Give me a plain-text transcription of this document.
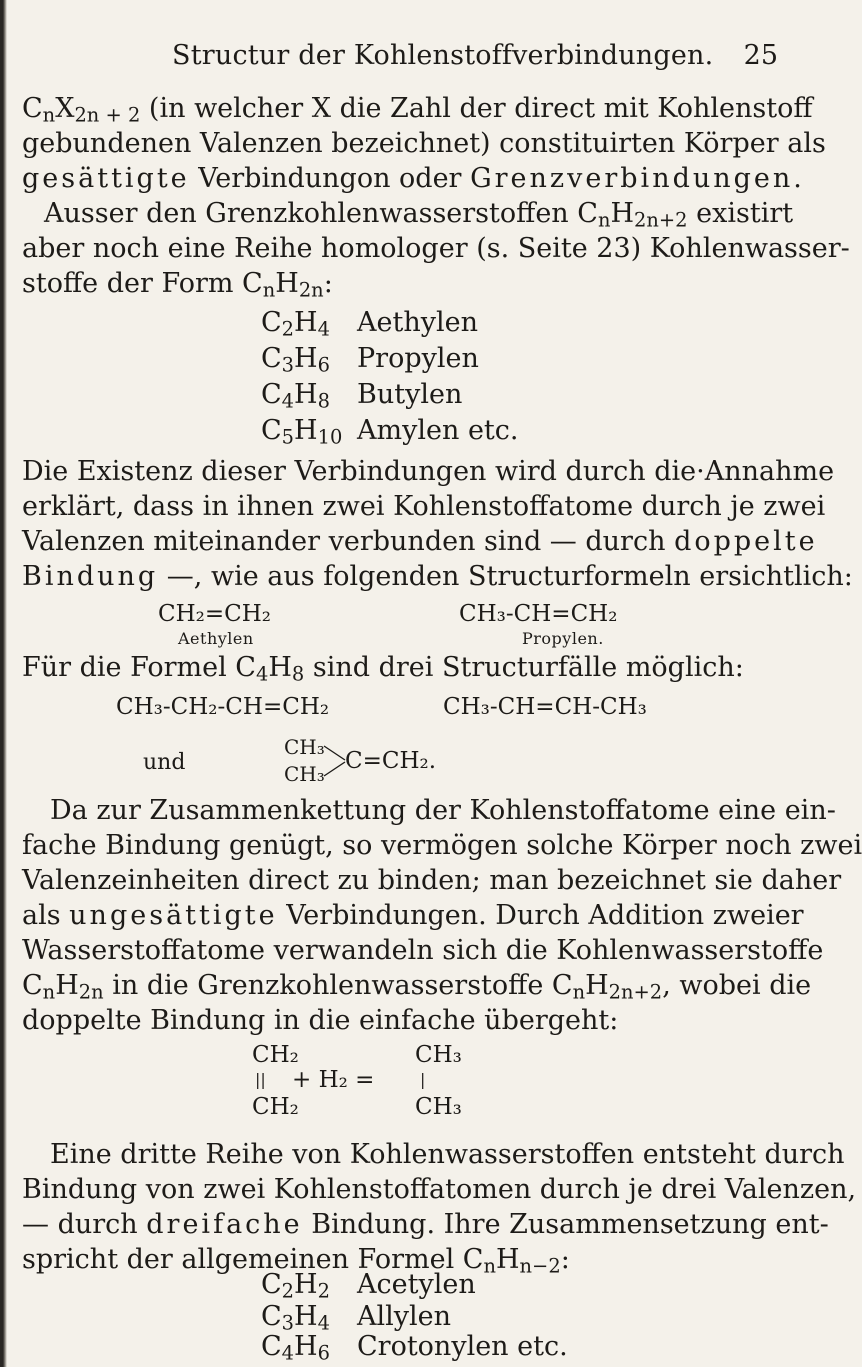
Structur der Kohlenstoffverbindungen. 25
$C_nX_{2n + 2}$ (in welcher X die Zahl der direct mit Kohlenstoff
gebundenen Valenzen bezeichnet) constituirten Körper als
gesättigte Verbindungon oder Grenzverbindungen.
Ausser den Grenzkohlenwasserstoffen $C_nH_{2n+2}$ existirt
aber noch eine Reihe homologer (s. Seite 23) Kohlenwasser-
stoffe der Form $C_nH_{2n}$:
$C_2H_4$ Aethylen
$C_3H_6$ Propylen
$C_4H_8$ Butylen
$C_5H_{10}$ Amylen etc.
Die Existenz dieser Verbindungen wird durch die·Annahme
erklärt, dass in ihnen zwei Kohlenstoffatome durch je zwei
Valenzen miteinander verbunden sind — durch doppelte
Bindung —, wie aus folgenden Structurformeln ersichtlich:
CH₂=CH₂
Aethylen
CH₃-CH=CH₂
Propylen.
Für die Formel $C_4H_8$ sind drei Structurfälle möglich:
CH₃-CH₂-CH=CH₂	CH₃-CH=CH-CH₃
und
CH₃
CH₃ C=CH₂.
Da zur Zusammenkettung der Kohlenstoffatome eine ein-
fache Bindung genügt, so vermögen solche Körper noch zwei
Valenzeinheiten direct zu binden; man bezeichnet sie daher
als ungesättigte Verbindungen. Durch Addition zweier
Wasserstoffatome verwandeln sich die Kohlenwasserstoffe
$C_nH_{2n}$ in die Grenzkohlenwasserstoffe $C_nH_{2n+2}$, wobei die
doppelte Bindung in die einfache übergeht:
CH₂
|| + H₂ =
CH₂
CH₃
|
CH₃
Eine dritte Reihe von Kohlenwasserstoffen entsteht durch
Bindung von zwei Kohlenstoffatomen durch je drei Valenzen,
— durch dreifache Bindung. Ihre Zusammensetzung ent-
spricht der allgemeinen Formel $C_nH_{n-2}$:
$C_2H_2$ Acetylen
$C_3H_4$ Allylen
$C_4H_6$ Crotonylen etc.
